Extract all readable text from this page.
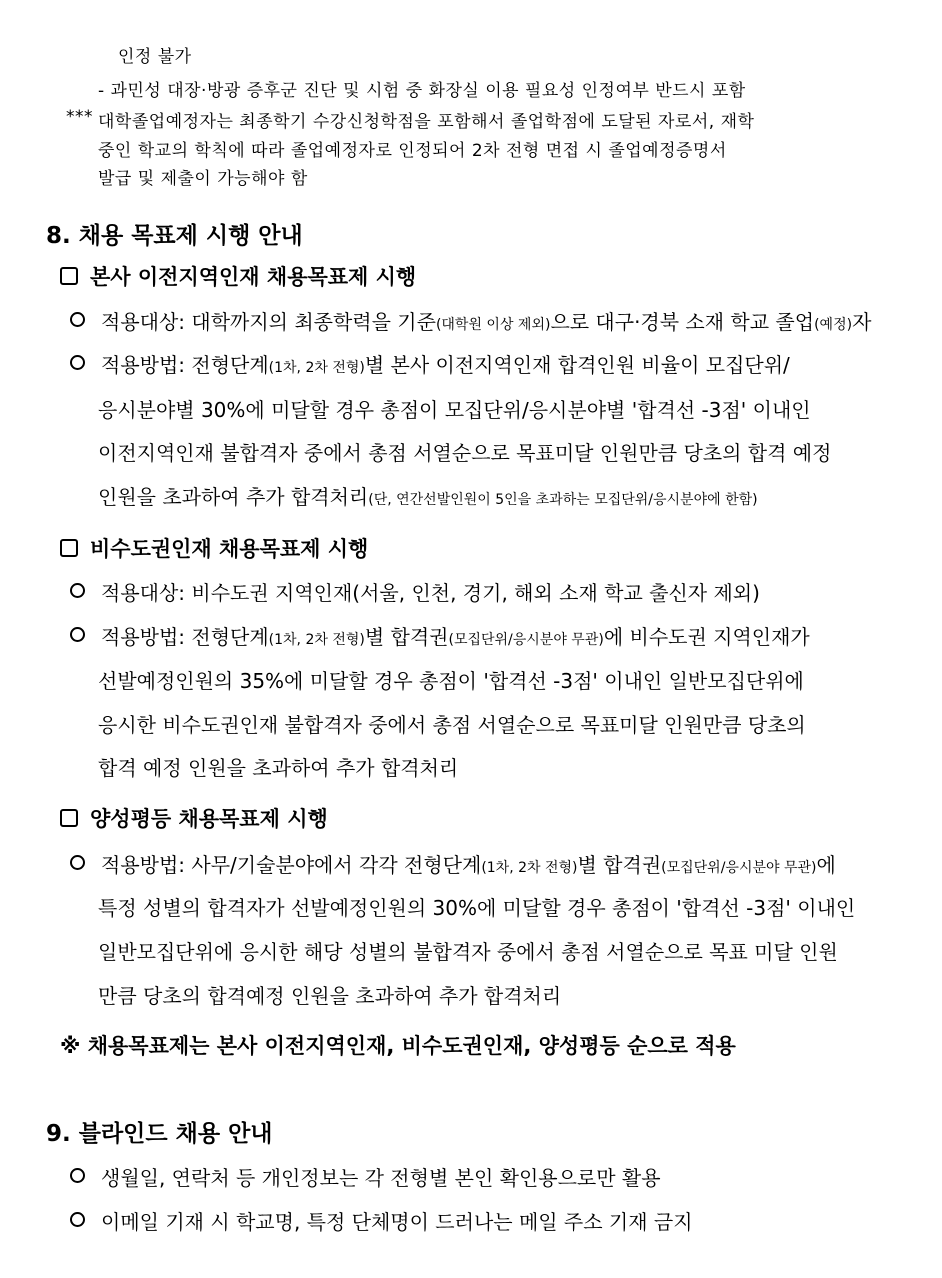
인정 불가
- 과민성 대장·방광 증후군 진단 및 시험 중 화장실 이용 필요성 인정여부 반드시 포함
*** 대학졸업예정자는 최종학기 수강신청학점을 포함해서 졸업학점에 도달된 자로서, 재학
중인 학교의 학칙에 따라 졸업예정자로 인정되어 2차 전형 면접 시 졸업예정증명서
발급 및 제출이 가능해야 함
8. 채용 목표제 시행 안내
본사 이전지역인재 채용목표제 시행
적용대상: 대학까지의 최종학력을 기준(대학원 이상 제외)으로 대구·경북 소재 학교 졸업(예정)자
적용방법: 전형단계(1차, 2차 전형)별 본사 이전지역인재 합격인원 비율이 모집단위/
응시분야별 30%에 미달할 경우 총점이 모집단위/응시분야별 '합격선 -3점' 이내인
이전지역인재 불합격자 중에서 총점 서열순으로 목표미달 인원만큼 당초의 합격 예정
인원을 초과하여 추가 합격처리(단, 연간선발인원이 5인을 초과하는 모집단위/응시분야에 한함)
비수도권인재 채용목표제 시행
적용대상: 비수도권 지역인재(서울, 인천, 경기, 해외 소재 학교 출신자 제외)
적용방법: 전형단계(1차, 2차 전형)별 합격권(모집단위/응시분야 무관)에 비수도권 지역인재가
선발예정인원의 35%에 미달할 경우 총점이 '합격선 -3점' 이내인 일반모집단위에
응시한 비수도권인재 불합격자 중에서 총점 서열순으로 목표미달 인원만큼 당초의
합격 예정 인원을 초과하여 추가 합격처리
양성평등 채용목표제 시행
적용방법: 사무/기술분야에서 각각 전형단계(1차, 2차 전형)별 합격권(모집단위/응시분야 무관)에
특정 성별의 합격자가 선발예정인원의 30%에 미달할 경우 총점이 '합격선 -3점' 이내인
일반모집단위에 응시한 해당 성별의 불합격자 중에서 총점 서열순으로 목표 미달 인원
만큼 당초의 합격예정 인원을 초과하여 추가 합격처리
※ 채용목표제는 본사 이전지역인재, 비수도권인재, 양성평등 순으로 적용
9. 블라인드 채용 안내
생월일, 연락처 등 개인정보는 각 전형별 본인 확인용으로만 활용
이메일 기재 시 학교명, 특정 단체명이 드러나는 메일 주소 기재 금지
